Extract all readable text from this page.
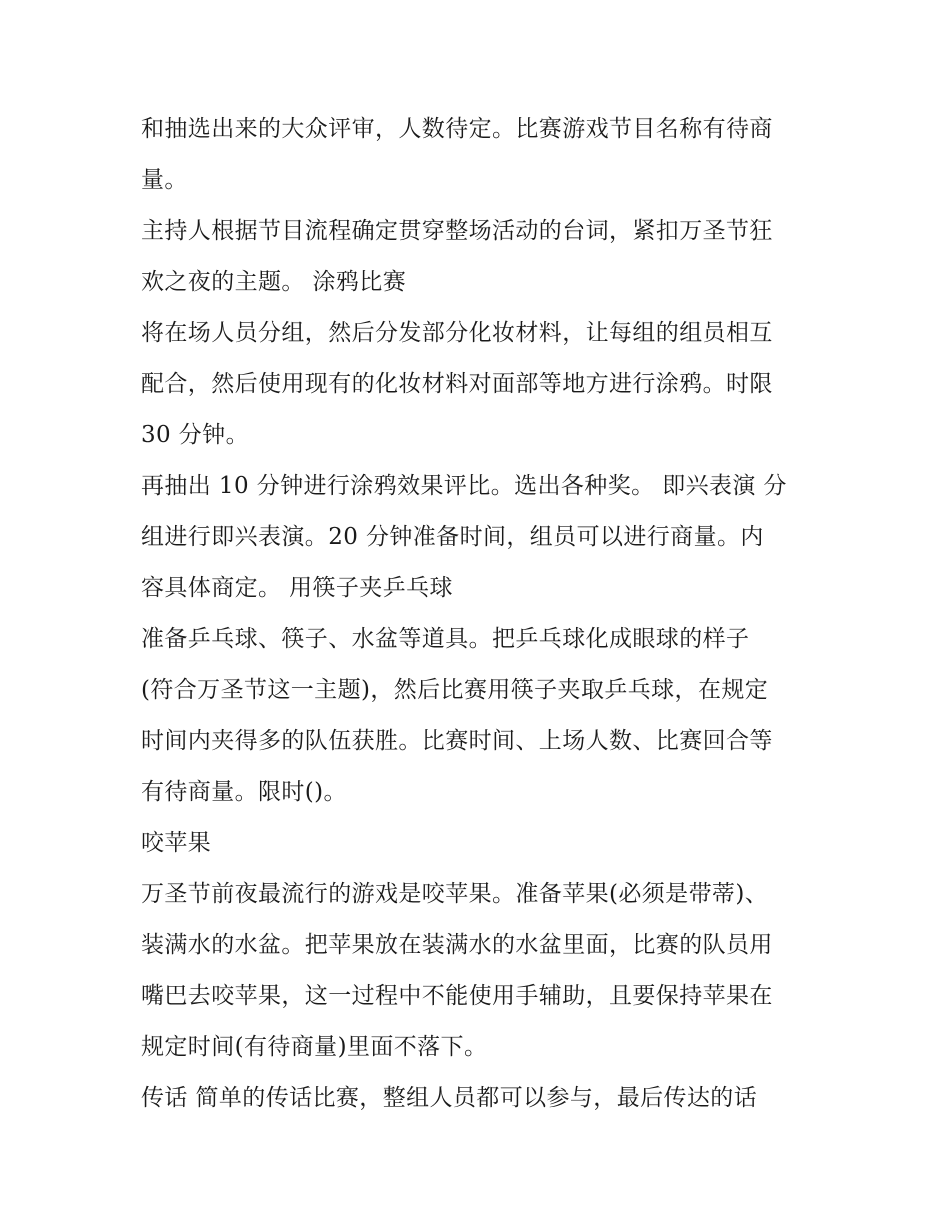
和抽选出来的大众评审，人数待定。比赛游戏节目名称有待商
量。
主持人根据节目流程确定贯穿整场活动的台词，紧扣万圣节狂
欢之夜的主题。 涂鸦比赛
将在场人员分组，然后分发部分化妆材料，让每组的组员相互
配合，然后使用现有的化妆材料对面部等地方进行涂鸦。时限
30 分钟。
再抽出 10 分钟进行涂鸦效果评比。选出各种奖。 即兴表演 分
组进行即兴表演。20 分钟准备时间，组员可以进行商量。内
容具体商定。 用筷子夹乒乓球
准备乒乓球、筷子、水盆等道具。把乒乓球化成眼球的样子
(符合万圣节这一主题)，然后比赛用筷子夹取乒乓球，在规定
时间内夹得多的队伍获胜。比赛时间、上场人数、比赛回合等
有待商量。限时()。
咬苹果
万圣节前夜最流行的游戏是咬苹果。准备苹果(必须是带蒂)、
装满水的水盆。把苹果放在装满水的水盆里面，比赛的队员用
嘴巴去咬苹果，这一过程中不能使用手辅助，且要保持苹果在
规定时间(有待商量)里面不落下。
传话 简单的传话比赛，整组人员都可以参与，最后传达的话
